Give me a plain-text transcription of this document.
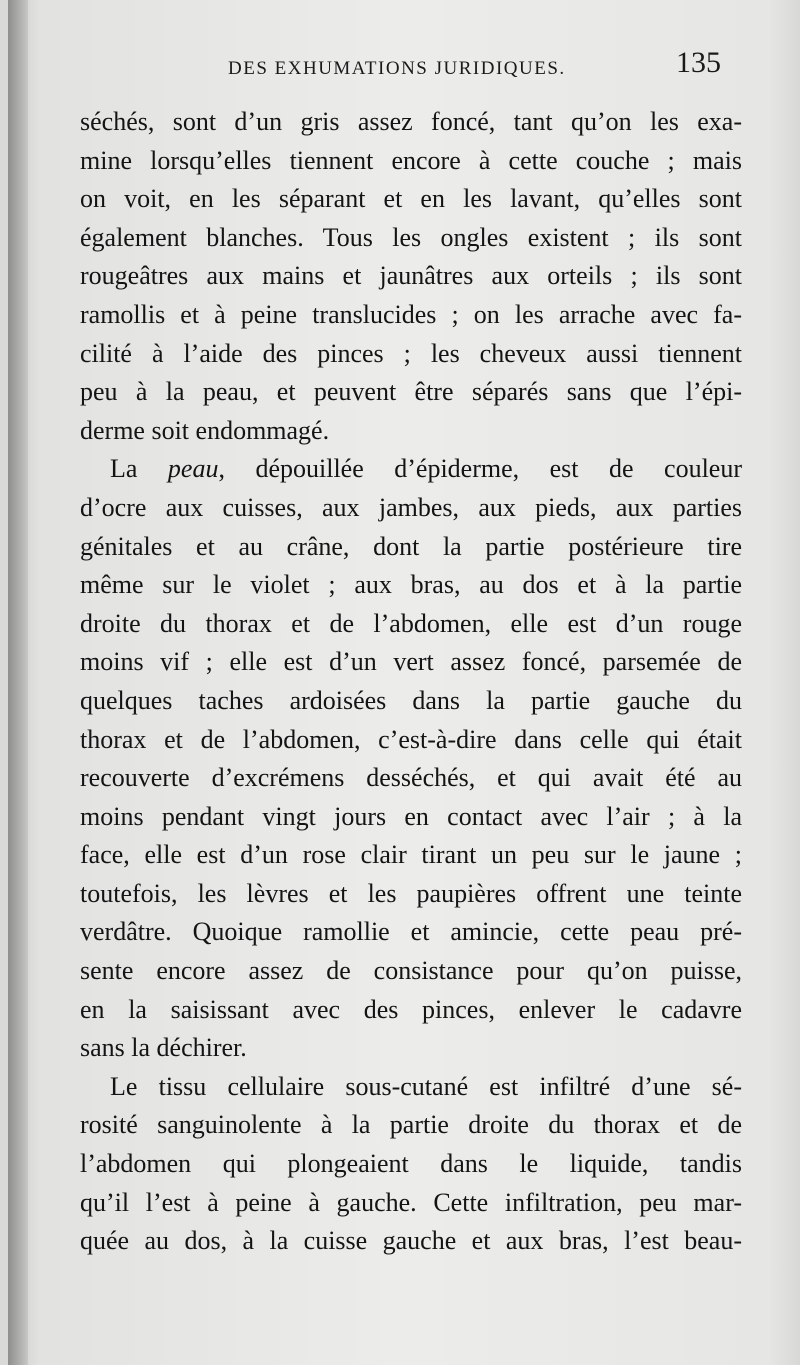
DES EXHUMATIONS JURIDIQUES.	135
séchés, sont d’un gris assez foncé, tant qu’on les exa-
mine lorsqu’elles tiennent encore à cette couche ; mais
on voit, en les séparant et en les lavant, qu’elles sont
également blanches. Tous les ongles existent ; ils sont
rougeâtres aux mains et jaunâtres aux orteils ; ils sont
ramollis et à peine translucides ; on les arrache avec fa-
cilité à l’aide des pinces ; les cheveux aussi tiennent
peu à la peau, et peuvent être séparés sans que l’épi-
derme soit endommagé.
La peau, dépouillée d’épiderme, est de couleur
d’ocre aux cuisses, aux jambes, aux pieds, aux parties
génitales et au crâne, dont la partie postérieure tire
même sur le violet ; aux bras, au dos et à la partie
droite du thorax et de l’abdomen, elle est d’un rouge
moins vif ; elle est d’un vert assez foncé, parsemée de
quelques taches ardoisées dans la partie gauche du
thorax et de l’abdomen, c’est-à-dire dans celle qui était
recouverte d’excrémens desséchés, et qui avait été au
moins pendant vingt jours en contact avec l’air ; à la
face, elle est d’un rose clair tirant un peu sur le jaune ;
toutefois, les lèvres et les paupières offrent une teinte
verdâtre. Quoique ramollie et amincie, cette peau pré-
sente encore assez de consistance pour qu’on puisse,
en la saisissant avec des pinces, enlever le cadavre
sans la déchirer.
Le tissu cellulaire sous-cutané est infiltré d’une sé-
rosité sanguinolente à la partie droite du thorax et de
l’abdomen qui plongeaient dans le liquide, tandis
qu’il l’est à peine à gauche. Cette infiltration, peu mar-
quée au dos, à la cuisse gauche et aux bras, l’est beau-
